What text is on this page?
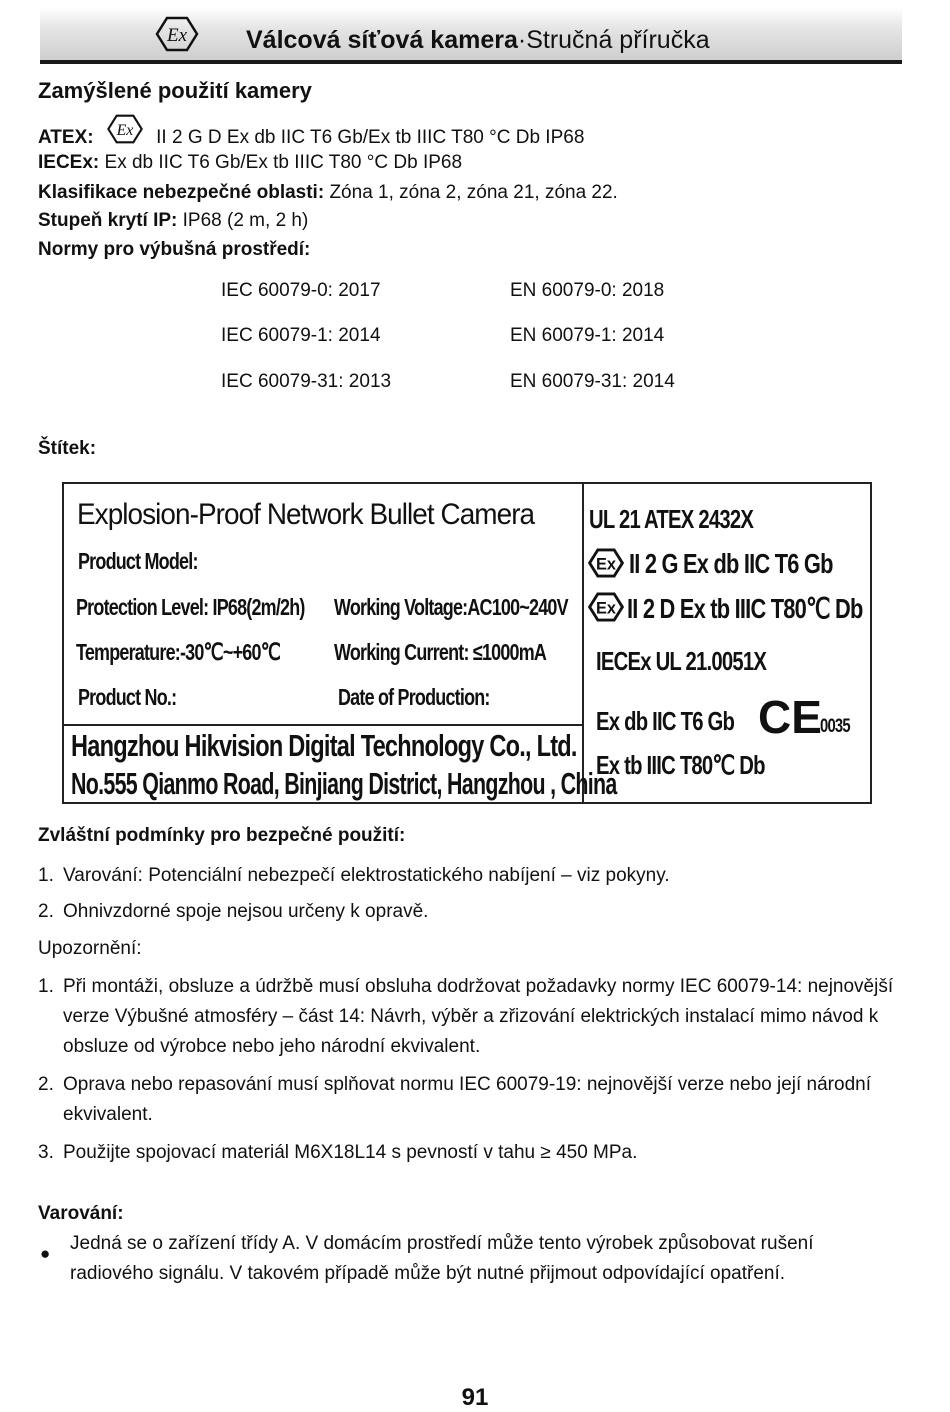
Ex Válcová síťová kamera·Stručná příručka
Zamýšlené použití kamery
ATEX: Ex II 2 G D Ex db IIC T6 Gb/Ex tb IIIC T80 °C Db IP68
IECEx: Ex db IIC T6 Gb/Ex tb IIIC T80 °C Db IP68
Klasifikace nebezpečné oblasti: Zóna 1, zóna 2, zóna 21, zóna 22.
Stupeň krytí IP: IP68 (2 m, 2 h)
Normy pro výbušná prostředí:
IEC 60079-0: 2017	EN 60079-0: 2018
IEC 60079-1: 2014	EN 60079-1: 2014
IEC 60079-31: 2013	EN 60079-31: 2014
Štítek:
Explosion-Proof Network Bullet Camera
Product Model:
Protection Level: IP68(2m/2h) Working Voltage:AC100~240V
Temperature:-30℃~+60℃ Working Current: ≤1000mA
Product No.:	Date of Production:
Hangzhou Hikvision Digital Technology Co., Ltd.
No.555 Qianmo Road, Binjiang District, Hangzhou , China
UL 21 ATEX 2432X
Ex II 2 G Ex db IIC T6 Gb
Ex II 2 D Ex tb IIIC T80℃ Db
IECEx UL 21.0051X
Ex db IIC T6 Gb CE
0035
Ex tb IIIC T80℃ Db
Zvláštní podmínky pro bezpečné použití:
1. Varování: Potenciální nebezpečí elektrostatického nabíjení – viz pokyny.
2. Ohnivzdorné spoje nejsou určeny k opravě.
Upozornění:
1. Při montáži, obsluze a údržbě musí obsluha dodržovat požadavky normy IEC 60079-14: nejnovější verze Výbušné atmosféry – část 14: Návrh, výběr a zřizování elektrických instalací mimo návod k obsluze od výrobce nebo jeho národní ekvivalent.
2. Oprava nebo repasování musí splňovat normu IEC 60079-19: nejnovější verze nebo její národní ekvivalent.
3. Použijte spojovací materiál M6X18L14 s pevností v tahu ≥ 450 MPa.
Varování:
● Jedná se o zařízení třídy A. V domácím prostředí může tento výrobek způsobovat rušení radiového signálu. V takovém případě může být nutné přijmout odpovídající opatření.
91
